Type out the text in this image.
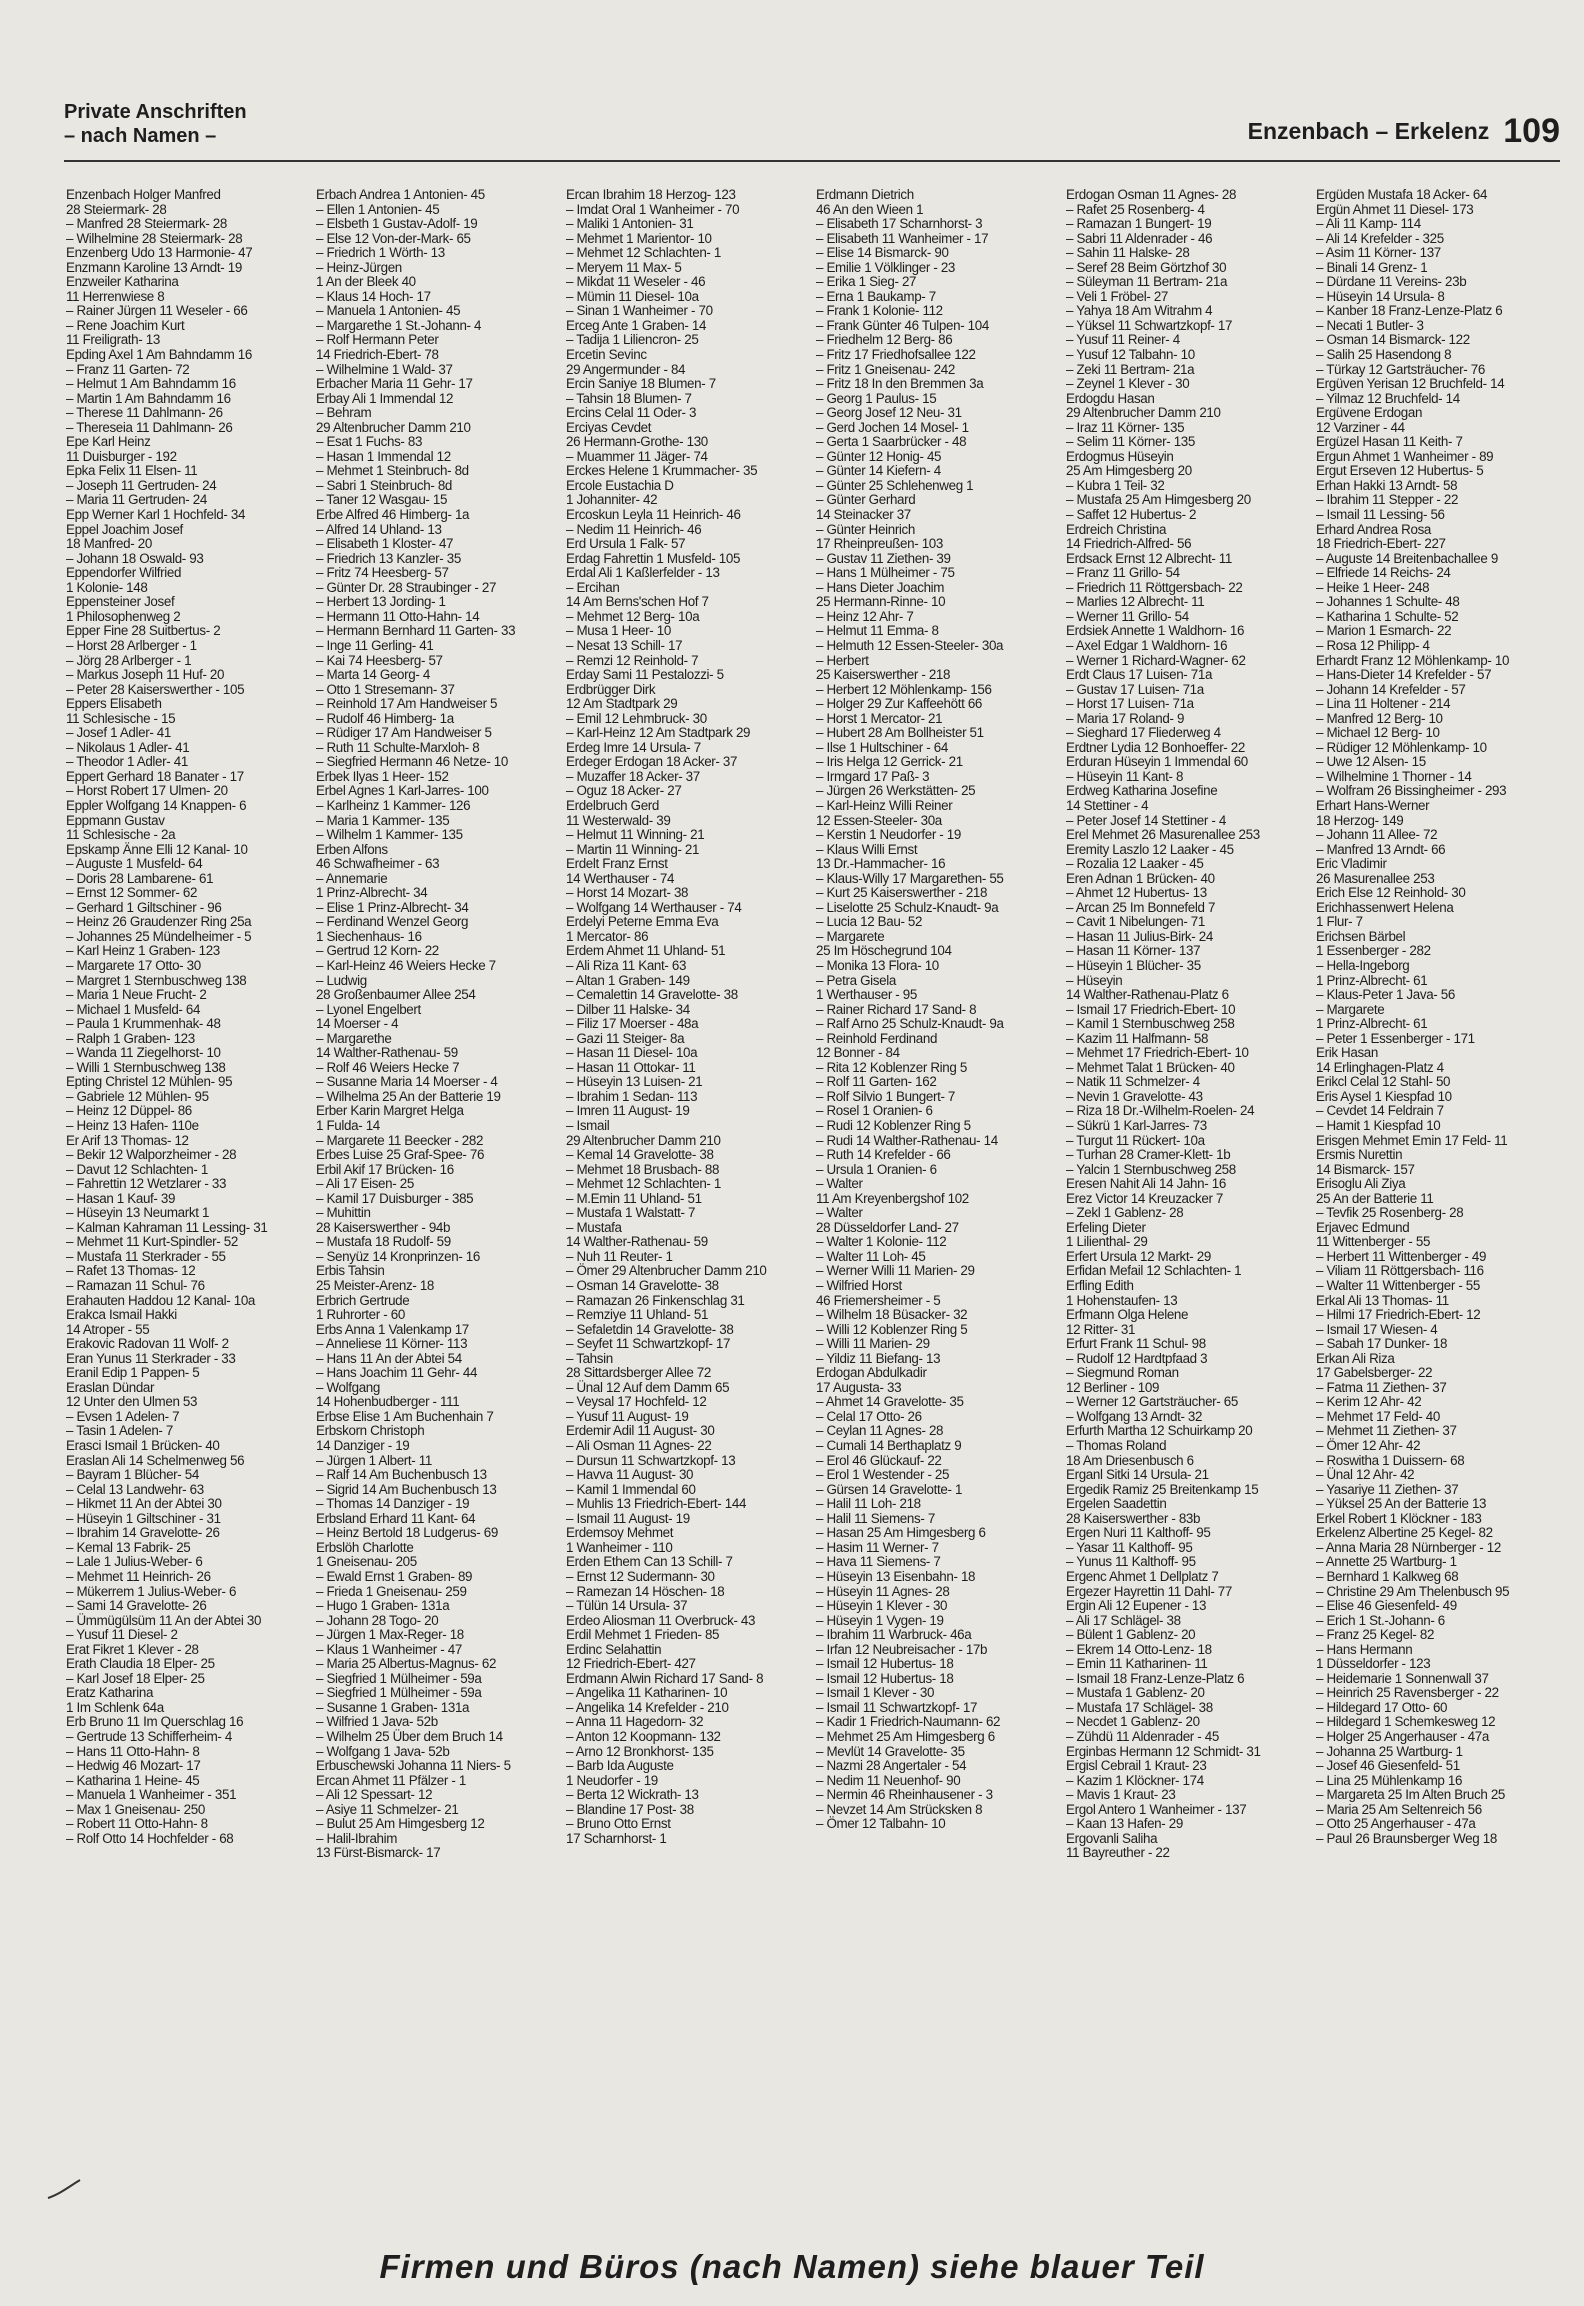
Private Anschriften
– nach Namen –	Enzenbach – Erkelenz 109
Enzenbach Holger Manfred
28 Steiermark- 28
– Manfred 28 Steiermark- 28
– Wilhelmine 28 Steiermark- 28
Enzenberg Udo 13 Harmonie- 47
Enzmann Karoline 13 Arndt- 19
Enzweiler Katharina
11 Herrenwiese 8
– Rainer Jürgen 11 Weseler - 66
– Rene Joachim Kurt
11 Freiligrath- 13
Epding Axel 1 Am Bahndamm 16
– Franz 11 Garten- 72
– Helmut 1 Am Bahndamm 16
– Martin 1 Am Bahndamm 16
– Therese 11 Dahlmann- 26
– Thereseia 11 Dahlmann- 26
Epe Karl Heinz
11 Duisburger - 192
Epka Felix 11 Elsen- 11
– Joseph 11 Gertruden- 24
– Maria 11 Gertruden- 24
Epp Werner Karl 1 Hochfeld- 34
Eppel Joachim Josef
18 Manfred- 20
– Johann 18 Oswald- 93
Eppendorfer Wilfried
1 Kolonie- 148
Eppensteiner Josef
1 Philosophenweg 2
Epper Fine 28 Suitbertus- 2
– Horst 28 Arlberger - 1
– Jörg 28 Arlberger - 1
– Markus Joseph 11 Huf- 20
– Peter 28 Kaiserswerther - 105
Eppers Elisabeth
11 Schlesische - 15
– Josef 1 Adler- 41
– Nikolaus 1 Adler- 41
– Theodor 1 Adler- 41
Eppert Gerhard 18 Banater - 17
– Horst Robert 17 Ulmen- 20
Eppler Wolfgang 14 Knappen- 6
Eppmann Gustav
11 Schlesische - 2a
Epskamp Änne Elli 12 Kanal- 10
– Auguste 1 Musfeld- 64
– Doris 28 Lambarene- 61
– Ernst 12 Sommer- 62
– Gerhard 1 Giltschiner - 96
– Heinz 26 Graudenzer Ring 25a
– Johannes 25 Mündelheimer - 5
– Karl Heinz 1 Graben- 123
– Margarete 17 Otto- 30
– Margret 1 Sternbuschweg 138
– Maria 1 Neue Frucht- 2
– Michael 1 Musfeld- 64
– Paula 1 Krummenhak- 48
– Ralph 1 Graben- 123
– Wanda 11 Ziegelhorst- 10
– Willi 1 Sternbuschweg 138
Epting Christel 12 Mühlen- 95
– Gabriele 12 Mühlen- 95
– Heinz 12 Düppel- 86
– Heinz 13 Hafen- 110e
Er Arif 13 Thomas- 12
– Bekir 12 Walporzheimer - 28
– Davut 12 Schlachten- 1
– Fahrettin 12 Wetzlarer - 33
– Hasan 1 Kauf- 39
– Hüseyin 13 Neumarkt 1
– Kalman Kahraman 11 Lessing- 31
– Mehmet 11 Kurt-Spindler- 52
– Mustafa 11 Sterkrader - 55
– Rafet 13 Thomas- 12
– Ramazan 11 Schul- 76
Erahauten Haddou 12 Kanal- 10a
Erakca Ismail Hakki
14 Atroper - 55
Erakovic Radovan 11 Wolf- 2
Eran Yunus 11 Sterkrader - 33
Eranil Edip 1 Pappen- 5
Eraslan Dündar
12 Unter den Ulmen 53
– Evsen 1 Adelen- 7
– Tasin 1 Adelen- 7
Erasci Ismail 1 Brücken- 40
Eraslan Ali 14 Schelmenweg 56
– Bayram 1 Blücher- 54
– Celal 13 Landwehr- 63
– Hikmet 11 An der Abtei 30
– Hüseyin 1 Giltschiner - 31
– Ibrahim 14 Gravelotte- 26
– Kemal 13 Fabrik- 25
– Lale 1 Julius-Weber- 6
– Mehmet 11 Heinrich- 26
– Mükerrem 1 Julius-Weber- 6
– Sami 14 Gravelotte- 26
– Ümmügülsüm 11 An der Abtei 30
– Yusuf 11 Diesel- 2
Erat Fikret 1 Klever - 28
Erath Claudia 18 Elper- 25
– Karl Josef 18 Elper- 25
Eratz Katharina
1 Im Schlenk 64a
Erb Bruno 11 Im Querschlag 16
– Gertrude 13 Schifferheim- 4
– Hans 11 Otto-Hahn- 8
– Hedwig 46 Mozart- 17
– Katharina 1 Heine- 45
– Manuela 1 Wanheimer - 351
– Max 1 Gneisenau- 250
– Robert 11 Otto-Hahn- 8
– Rolf Otto 14 Hochfelder - 68
Erbach Andrea 1 Antonien- 45
– Ellen 1 Antonien- 45
– Elsbeth 1 Gustav-Adolf- 19
– Else 12 Von-der-Mark- 65
– Friedrich 1 Wörth- 13
– Heinz-Jürgen
1 An der Bleek 40
– Klaus 14 Hoch- 17
– Manuela 1 Antonien- 45
– Margarethe 1 St.-Johann- 4
– Rolf Hermann Peter
14 Friedrich-Ebert- 78
– Wilhelmine 1 Wald- 37
Erbacher Maria 11 Gehr- 17
Erbay Ali 1 Immendal 12
– Behram
29 Altenbrucher Damm 210
– Esat 1 Fuchs- 83
– Hasan 1 Immendal 12
– Mehmet 1 Steinbruch- 8d
– Sabri 1 Steinbruch- 8d
– Taner 12 Wasgau- 15
Erbe Alfred 46 Himberg- 1a
– Alfred 14 Uhland- 13
– Elisabeth 1 Kloster- 47
– Friedrich 13 Kanzler- 35
– Fritz 74 Heesberg- 57
– Günter Dr. 28 Straubinger - 27
– Herbert 13 Jording- 1
– Hermann 11 Otto-Hahn- 14
– Hermann Bernhard 11 Garten- 33
– Inge 11 Gerling- 41
– Kai 74 Heesberg- 57
– Marta 14 Georg- 4
– Otto 1 Stresemann- 37
– Reinhold 17 Am Handweiser 5
– Rudolf 46 Himberg- 1a
– Rüdiger 17 Am Handweiser 5
– Ruth 11 Schulte-Marxloh- 8
– Siegfried Hermann 46 Netze- 10
Erbek Ilyas 1 Heer- 152
Erbel Agnes 1 Karl-Jarres- 100
– Karlheinz 1 Kammer- 126
– Maria 1 Kammer- 135
– Wilhelm 1 Kammer- 135
Erben Alfons
46 Schwafheimer - 63
– Annemarie
1 Prinz-Albrecht- 34
– Elise 1 Prinz-Albrecht- 34
– Ferdinand Wenzel Georg
1 Siechenhaus- 16
– Gertrud 12 Korn- 22
– Karl-Heinz 46 Weiers Hecke 7
– Ludwig
28 Großenbaumer Allee 254
– Lyonel Engelbert
14 Moerser - 4
– Margarethe
14 Walther-Rathenau- 59
– Rolf 46 Weiers Hecke 7
– Susanne Maria 14 Moerser - 4
– Wilhelma 25 An der Batterie 19
Erber Karin Margret Helga
1 Fulda- 14
– Margarete 11 Beecker - 282
Erbes Luise 25 Graf-Spee- 76
Erbil Akif 17 Brücken- 16
– Ali 17 Eisen- 25
– Kamil 17 Duisburger - 385
– Muhittin
28 Kaiserswerther - 94b
– Mustafa 18 Rudolf- 59
– Senyüz 14 Kronprinzen- 16
Erbis Tahsin
25 Meister-Arenz- 18
Erbrich Gertrude
1 Ruhrorter - 60
Erbs Anna 1 Valenkamp 17
– Anneliese 11 Körner- 113
– Hans 11 An der Abtei 54
– Hans Joachim 11 Gehr- 44
– Wolfgang
14 Hohenbudberger - 111
Erbse Elise 1 Am Buchenhain 7
Erbskorn Christoph
14 Danziger - 19
– Jürgen 1 Albert- 11
– Ralf 14 Am Buchenbusch 13
– Sigrid 14 Am Buchenbusch 13
– Thomas 14 Danziger - 19
Erbsland Erhard 11 Kant- 64
– Heinz Bertold 18 Ludgerus- 69
Erbslöh Charlotte
1 Gneisenau- 205
– Ewald Ernst 1 Graben- 89
– Frieda 1 Gneisenau- 259
– Hugo 1 Graben- 131a
– Johann 28 Togo- 20
– Jürgen 1 Max-Reger- 18
– Klaus 1 Wanheimer - 47
– Maria 25 Albertus-Magnus- 62
– Siegfried 1 Mülheimer - 59a
– Siegfried 1 Mülheimer - 59a
– Susanne 1 Graben- 131a
– Wilfried 1 Java- 52b
– Wilhelm 25 Über dem Bruch 14
– Wolfgang 1 Java- 52b
Erbuschewski Johanna 11 Niers- 5
Ercan Ahmet 11 Pfälzer - 1
– Ali 12 Spessart- 12
– Asiye 11 Schmelzer- 21
– Bulut 25 Am Himgesberg 12
– Halil-Ibrahim
13 Fürst-Bismarck- 17
Ercan Ibrahim 18 Herzog- 123
– Imdat Oral 1 Wanheimer - 70
– Maliki 1 Antonien- 31
– Mehmet 1 Marientor- 10
– Mehmet 12 Schlachten- 1
– Meryem 11 Max- 5
– Mikdat 11 Weseler - 46
– Mümin 11 Diesel- 10a
– Sinan 1 Wanheimer - 70
Erceg Ante 1 Graben- 14
– Tadija 1 Liliencron- 25
Ercetin Sevinc
29 Angermunder - 84
Ercin Saniye 18 Blumen- 7
– Tahsin 18 Blumen- 7
Ercins Celal 11 Oder- 3
Erciyas Cevdet
26 Hermann-Grothe- 130
– Muammer 11 Jäger- 74
Erckes Helene 1 Krummacher- 35
Ercole Eustachia D
1 Johanniter- 42
Ercoskun Leyla 11 Heinrich- 46
– Nedim 11 Heinrich- 46
Erd Ursula 1 Falk- 57
Erdag Fahrettin 1 Musfeld- 105
Erdal Ali 1 Kaßlerfelder - 13
– Ercihan
14 Am Berns'schen Hof 7
– Mehmet 12 Berg- 10a
– Musa 1 Heer- 10
– Nesat 13 Schill- 17
– Remzi 12 Reinhold- 7
Erday Sami 11 Pestalozzi- 5
Erdbrügger Dirk
12 Am Stadtpark 29
– Emil 12 Lehmbruck- 30
– Karl-Heinz 12 Am Stadtpark 29
Erdeg Imre 14 Ursula- 7
Erdeger Erdogan 18 Acker- 37
– Muzaffer 18 Acker- 37
– Oguz 18 Acker- 27
Erdelbruch Gerd
11 Westerwald- 39
– Helmut 11 Winning- 21
– Martin 11 Winning- 21
Erdelt Franz Ernst
14 Werthauser - 74
– Horst 14 Mozart- 38
– Wolfgang 14 Werthauser - 74
Erdelyi Peterne Emma Eva
1 Mercator- 86
Erdem Ahmet 11 Uhland- 51
– Ali Riza 11 Kant- 63
– Altan 1 Graben- 149
– Cemalettin 14 Gravelotte- 38
– Dilber 11 Halske- 34
– Filiz 17 Moerser - 48a
– Gazi 11 Steiger- 8a
– Hasan 11 Diesel- 10a
– Hasan 11 Ottokar- 11
– Hüseyin 13 Luisen- 21
– Ibrahim 1 Sedan- 113
– Imren 11 August- 19
– Ismail
29 Altenbrucher Damm 210
– Kemal 14 Gravelotte- 38
– Mehmet 18 Brusbach- 88
– Mehmet 12 Schlachten- 1
– M.Emin 11 Uhland- 51
– Mustafa 1 Walstatt- 7
– Mustafa
14 Walther-Rathenau- 59
– Nuh 11 Reuter- 1
– Ömer 29 Altenbrucher Damm 210
– Osman 14 Gravelotte- 38
– Ramazan 26 Finkenschlag 31
– Remziye 11 Uhland- 51
– Sefaletdin 14 Gravelotte- 38
– Seyfet 11 Schwartzkopf- 17
– Tahsin
28 Sittardsberger Allee 72
– Ünal 12 Auf dem Damm 65
– Veysal 17 Hochfeld- 12
– Yusuf 11 August- 19
Erdemir Adil 11 August- 30
– Ali Osman 11 Agnes- 22
– Dursun 11 Schwartzkopf- 13
– Havva 11 August- 30
– Kamil 1 Immendal 60
– Muhlis 13 Friedrich-Ebert- 144
– Ismail 11 August- 19
Erdemsoy Mehmet
1 Wanheimer - 110
Erden Ethem Can 13 Schill- 7
– Ernst 12 Sudermann- 30
– Ramezan 14 Höschen- 18
– Tülün 14 Ursula- 37
Erdeo Aliosman 11 Overbruck- 43
Erdil Mehmet 1 Frieden- 85
Erdinc Selahattin
12 Friedrich-Ebert- 427
Erdmann Alwin Richard 17 Sand- 8
– Angelika 11 Katharinen- 10
– Angelika 14 Krefelder - 210
– Anna 11 Hagedorn- 32
– Anton 12 Koopmann- 132
– Arno 12 Bronkhorst- 135
– Barb Ida Auguste
1 Neudorfer - 19
– Berta 12 Wickrath- 13
– Blandine 17 Post- 38
– Bruno Otto Ernst
17 Scharnhorst- 1
Erdmann Dietrich
46 An den Wieen 1
– Elisabeth 17 Scharnhorst- 3
– Elisabeth 11 Wanheimer - 17
– Elise 14 Bismarck- 90
– Emilie 1 Völklinger - 23
– Erika 1 Sieg- 27
– Erna 1 Baukamp- 7
– Frank 1 Kolonie- 112
– Frank Günter 46 Tulpen- 104
– Friedhelm 12 Berg- 86
– Fritz 17 Friedhofsallee 122
– Fritz 1 Gneisenau- 242
– Fritz 18 In den Bremmen 3a
– Georg 1 Paulus- 15
– Georg Josef 12 Neu- 31
– Gerd Jochen 14 Mosel- 1
– Gerta 1 Saarbrücker - 48
– Günter 12 Honig- 45
– Günter 14 Kiefern- 4
– Günter 25 Schlehenweg 1
– Günter Gerhard
14 Steinacker 37
– Günter Heinrich
17 Rheinpreußen- 103
– Gustav 11 Ziethen- 39
– Hans 1 Mülheimer - 75
– Hans Dieter Joachim
25 Hermann-Rinne- 10
– Heinz 12 Ahr- 7
– Helmut 11 Emma- 8
– Helmuth 12 Essen-Steeler- 30a
– Herbert
25 Kaiserswerther - 218
– Herbert 12 Möhlenkamp- 156
– Holger 29 Zur Kaffeehött 66
– Horst 1 Mercator- 21
– Hubert 28 Am Bollheister 51
– Ilse 1 Hultschiner - 64
– Iris Helga 12 Gerrick- 21
– Irmgard 17 Paß- 3
– Jürgen 26 Werkstätten- 25
– Karl-Heinz Willi Reiner
12 Essen-Steeler- 30a
– Kerstin 1 Neudorfer - 19
– Klaus Willi Ernst
13 Dr.-Hammacher- 16
– Klaus-Willy 17 Margarethen- 55
– Kurt 25 Kaiserswerther - 218
– Liselotte 25 Schulz-Knaudt- 9a
– Lucia 12 Bau- 52
– Margarete
25 Im Höschegrund 104
– Monika 13 Flora- 10
– Petra Gisela
1 Werthauser - 95
– Rainer Richard 17 Sand- 8
– Ralf Arno 25 Schulz-Knaudt- 9a
– Reinhold Ferdinand
12 Bonner - 84
– Rita 12 Koblenzer Ring 5
– Rolf 11 Garten- 162
– Rolf Silvio 1 Bungert- 7
– Rosel 1 Oranien- 6
– Rudi 12 Koblenzer Ring 5
– Rudi 14 Walther-Rathenau- 14
– Ruth 14 Krefelder - 66
– Ursula 1 Oranien- 6
– Walter
11 Am Kreyenbergshof 102
– Walter
28 Düsseldorfer Land- 27
– Walter 1 Kolonie- 112
– Walter 11 Loh- 45
– Werner Willi 11 Marien- 29
– Wilfried Horst
46 Friemersheimer - 5
– Wilhelm 18 Büsacker- 32
– Willi 12 Koblenzer Ring 5
– Willi 11 Marien- 29
– Yildiz 11 Biefang- 13
Erdogan Abdulkadir
17 Augusta- 33
– Ahmet 14 Gravelotte- 35
– Celal 17 Otto- 26
– Ceylan 11 Agnes- 28
– Cumali 14 Berthaplatz 9
– Erol 46 Glückauf- 22
– Erol 1 Westender - 25
– Gürsen 14 Gravelotte- 1
– Halil 11 Loh- 218
– Halil 11 Siemens- 7
– Hasan 25 Am Himgesberg 6
– Hasim 11 Werner- 7
– Hava 11 Siemens- 7
– Hüseyin 13 Eisenbahn- 18
– Hüseyin 11 Agnes- 28
– Hüseyin 1 Klever - 30
– Hüseyin 1 Vygen- 19
– Ibrahim 11 Warbruck- 46a
– Irfan 12 Neubreisacher - 17b
– Ismail 12 Hubertus- 18
– Ismail 12 Hubertus- 18
– Ismail 1 Klever - 30
– Ismail 11 Schwartzkopf- 17
– Kadir 1 Friedrich-Naumann- 62
– Mehmet 25 Am Himgesberg 6
– Mevlüt 14 Gravelotte- 35
– Nazmi 28 Angertaler - 54
– Nedim 11 Neuenhof- 90
– Nermin 46 Rheinhausener - 3
– Nevzet 14 Am Strücksken 8
– Ömer 12 Talbahn- 10
Erdogan Osman 11 Agnes- 28
– Rafet 25 Rosenberg- 4
– Ramazan 1 Bungert- 19
– Sabri 11 Aldenrader - 46
– Sahin 11 Halske- 28
– Seref 28 Beim Görtzhof 30
– Süleyman 11 Bertram- 21a
– Veli 1 Fröbel- 27
– Yahya 18 Am Witrahm 4
– Yüksel 11 Schwartzkopf- 17
– Yusuf 11 Reiner- 4
– Yusuf 12 Talbahn- 10
– Zeki 11 Bertram- 21a
– Zeynel 1 Klever - 30
Erdogdu Hasan
29 Altenbrucher Damm 210
– Iraz 11 Körner- 135
– Selim 11 Körner- 135
Erdogmus Hüseyin
25 Am Himgesberg 20
– Kubra 1 Teil- 32
– Mustafa 25 Am Himgesberg 20
– Saffet 12 Hubertus- 2
Erdreich Christina
14 Friedrich-Alfred- 56
Erdsack Ernst 12 Albrecht- 11
– Franz 11 Grillo- 54
– Friedrich 11 Röttgersbach- 22
– Marlies 12 Albrecht- 11
– Werner 11 Grillo- 54
Erdsiek Annette 1 Waldhorn- 16
– Axel Edgar 1 Waldhorn- 16
– Werner 1 Richard-Wagner- 62
Erdt Claus 17 Luisen- 71a
– Gustav 17 Luisen- 71a
– Horst 17 Luisen- 71a
– Maria 17 Roland- 9
– Sieghard 17 Fliederweg 4
Erdtner Lydia 12 Bonhoeffer- 22
Erduran Hüseyin 1 Immendal 60
– Hüseyin 11 Kant- 8
Erdweg Katharina Josefine
14 Stettiner - 4
– Peter Josef 14 Stettiner - 4
Erel Mehmet 26 Masurenallee 253
Eremity Laszlo 12 Laaker - 45
– Rozalia 12 Laaker - 45
Eren Adnan 1 Brücken- 40
– Ahmet 12 Hubertus- 13
– Arcan 25 Im Bonnefeld 7
– Cavit 1 Nibelungen- 71
– Hasan 11 Julius-Birk- 24
– Hasan 11 Körner- 137
– Hüseyin 1 Blücher- 35
– Hüseyin
14 Walther-Rathenau-Platz 6
– Ismail 17 Friedrich-Ebert- 10
– Kamil 1 Sternbuschweg 258
– Kazim 11 Halfmann- 58
– Mehmet 17 Friedrich-Ebert- 10
– Mehmet Talat 1 Brücken- 40
– Natik 11 Schmelzer- 4
– Nevin 1 Gravelotte- 43
– Riza 18 Dr.-Wilhelm-Roelen- 24
– Sükrü 1 Karl-Jarres- 73
– Turgut 11 Rückert- 10a
– Turhan 28 Cramer-Klett- 1b
– Yalcin 1 Sternbuschweg 258
Eresen Nahit Ali 14 Jahn- 16
Erez Victor 14 Kreuzacker 7
– Zekl 1 Gablenz- 28
Erfeling Dieter
1 Lilienthal- 29
Erfert Ursula 12 Markt- 29
Erfidan Mefail 12 Schlachten- 1
Erfling Edith
1 Hohenstaufen- 13
Erfmann Olga Helene
12 Ritter- 31
Erfurt Frank 11 Schul- 98
– Rudolf 12 Hardtpfaad 3
– Siegmund Roman
12 Berliner - 109
– Werner 12 Gartsträucher- 65
– Wolfgang 13 Arndt- 32
Erfurth Martha 12 Schuirkamp 20
– Thomas Roland
18 Am Driesenbusch 6
Erganl Sitki 14 Ursula- 21
Ergedik Ramiz 25 Breitenkamp 15
Ergelen Saadettin
28 Kaiserswerther - 83b
Ergen Nuri 11 Kalthoff- 95
– Yasar 11 Kalthoff- 95
– Yunus 11 Kalthoff- 95
Ergenc Ahmet 1 Dellplatz 7
Ergezer Hayrettin 11 Dahl- 77
Ergin Ali 12 Eupener - 13
– Ali 17 Schlägel- 38
– Bülent 1 Gablenz- 20
– Ekrem 14 Otto-Lenz- 18
– Emin 11 Katharinen- 11
– Ismail 18 Franz-Lenze-Platz 6
– Mustafa 1 Gablenz- 20
– Mustafa 17 Schlägel- 38
– Necdet 1 Gablenz- 20
– Zühdü 11 Aldenrader - 45
Erginbas Hermann 12 Schmidt- 31
Ergisl Cebrail 1 Kraut- 23
– Kazim 1 Klöckner- 174
– Mavis 1 Kraut- 23
Ergol Antero 1 Wanheimer - 137
– Kaan 13 Hafen- 29
Ergovanli Saliha
11 Bayreuther - 22
Ergüden Mustafa 18 Acker- 64
Ergün Ahmet 11 Diesel- 173
– Ali 11 Kamp- 114
– Ali 14 Krefelder - 325
– Asim 11 Körner- 137
– Binali 14 Grenz- 1
– Dürdane 11 Vereins- 23b
– Hüseyin 14 Ursula- 8
– Kanber 18 Franz-Lenze-Platz 6
– Necati 1 Butler- 3
– Osman 14 Bismarck- 122
– Salih 25 Hasendong 8
– Türkay 12 Gartsträucher- 76
Ergüven Yerisan 12 Bruchfeld- 14
– Yilmaz 12 Bruchfeld- 14
Ergüvene Erdogan
12 Varziner - 44
Ergüzel Hasan 11 Keith- 7
Ergun Ahmet 1 Wanheimer - 89
Ergut Erseven 12 Hubertus- 5
Erhan Hakki 13 Arndt- 58
– Ibrahim 11 Stepper - 22
– Ismail 11 Lessing- 56
Erhard Andrea Rosa
18 Friedrich-Ebert- 227
– Auguste 14 Breitenbachallee 9
– Elfriede 14 Reichs- 24
– Heike 1 Heer- 248
– Johannes 1 Schulte- 48
– Katharina 1 Schulte- 52
– Marion 1 Esmarch- 22
– Rosa 12 Philipp- 4
Erhardt Franz 12 Möhlenkamp- 10
– Hans-Dieter 14 Krefelder - 57
– Johann 14 Krefelder - 57
– Lina 11 Holtener - 214
– Manfred 12 Berg- 10
– Michael 12 Berg- 10
– Rüdiger 12 Möhlenkamp- 10
– Uwe 12 Alsen- 15
– Wilhelmine 1 Thorner - 14
– Wolfram 26 Bissingheimer - 293
Erhart Hans-Werner
18 Herzog- 149
– Johann 11 Allee- 72
– Manfred 13 Arndt- 66
Eric Vladimir
26 Masurenallee 253
Erich Else 12 Reinhold- 30
Erichhassenwert Helena
1 Flur- 7
Erichsen Bärbel
1 Essenberger - 282
– Hella-Ingeborg
1 Prinz-Albrecht- 61
– Klaus-Peter 1 Java- 56
– Margarete
1 Prinz-Albrecht- 61
– Peter 1 Essenberger - 171
Erik Hasan
14 Erlinghagen-Platz 4
Erikcl Celal 12 Stahl- 50
Eris Aysel 1 Kiespfad 10
– Cevdet 14 Feldrain 7
– Hamit 1 Kiespfad 10
Erisgen Mehmet Emin 17 Feld- 11
Ersmis Nurettin
14 Bismarck- 157
Erisoglu Ali Ziya
25 An der Batterie 11
– Tevfik 25 Rosenberg- 28
Erjavec Edmund
11 Wittenberger - 55
– Herbert 11 Wittenberger - 49
– Viliam 11 Röttgersbach- 116
– Walter 11 Wittenberger - 55
Erkal Ali 13 Thomas- 11
– Hilmi 17 Friedrich-Ebert- 12
– Ismail 17 Wiesen- 4
– Sabah 17 Dunker- 18
Erkan Ali Riza
17 Gabelsberger- 22
– Fatma 11 Ziethen- 37
– Kerim 12 Ahr- 42
– Mehmet 17 Feld- 40
– Mehmet 11 Ziethen- 37
– Ömer 12 Ahr- 42
– Roswitha 1 Duissern- 68
– Ünal 12 Ahr- 42
– Yasariye 11 Ziethen- 37
– Yüksel 25 An der Batterie 13
Erkel Robert 1 Klöckner - 183
Erkelenz Albertine 25 Kegel- 82
– Anna Maria 28 Nürnberger - 12
– Annette 25 Wartburg- 1
– Bernhard 1 Kalkweg 68
– Christine 29 Am Thelenbusch 95
– Elise 46 Giesenfeld- 49
– Erich 1 St.-Johann- 6
– Franz 25 Kegel- 82
– Hans Hermann
1 Düsseldorfer - 123
– Heidemarie 1 Sonnenwall 37
– Heinrich 25 Ravensberger - 22
– Hildegard 17 Otto- 60
– Hildegard 1 Schemkesweg 12
– Holger 25 Angerhauser - 47a
– Johanna 25 Wartburg- 1
– Josef 46 Giesenfeld- 51
– Lina 25 Mühlenkamp 16
– Margareta 25 Im Alten Bruch 25
– Maria 25 Am Seltenreich 56
– Otto 25 Angerhauser - 47a
– Paul 26 Braunsberger Weg 18
Firmen und Büros (nach Namen) siehe blauer Teil
